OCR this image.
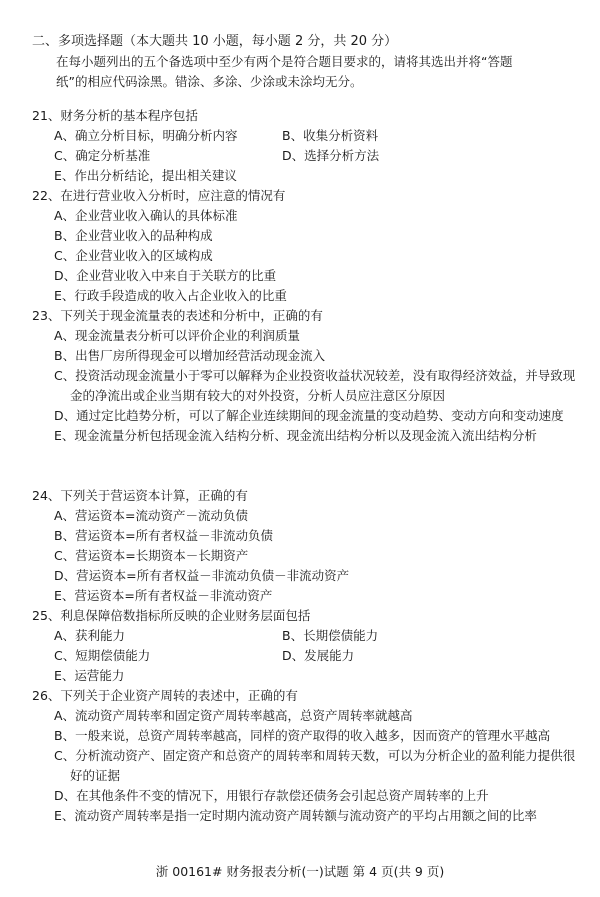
二、多项选择题（本大题共 10 小题，每小题 2 分，共 20 分）
在每小题列出的五个备选项中至少有两个是符合题目要求的，请将其选出并将“答题
纸”的相应代码涂黑。错涂、多涂、少涂或未涂均无分。
21、财务分析的基本程序包括
A、确立分析目标，明确分析内容	B、收集分析资料
C、确定分析基准	D、选择分析方法
E、作出分析结论，提出相关建议
22、在进行营业收入分析时，应注意的情况有
A、企业营业收入确认的具体标准
B、企业营业收入的品种构成
C、企业营业收入的区域构成
D、企业营业收入中来自于关联方的比重
E、行政手段造成的收入占企业收入的比重
23、下列关于现金流量表的表述和分析中，正确的有
A、现金流量表分析可以评价企业的利润质量
B、出售厂房所得现金可以增加经营活动现金流入
C、投资活动现金流量小于零可以解释为企业投资收益状况较差，没有取得经济效益，并导致现金的净流出或企业当期有较大的对外投资，分析人员应注意区分原因
D、通过定比趋势分析，可以了解企业连续期间的现金流量的变动趋势、变动方向和变动速度
E、现金流量分析包括现金流入结构分析、现金流出结构分析以及现金流入流出结构分析
24、下列关于营运资本计算，正确的有
A、营运资本=流动资产－流动负债
B、营运资本=所有者权益－非流动负债
C、营运资本=长期资本－长期资产
D、营运资本=所有者权益－非流动负债－非流动资产
E、营运资本=所有者权益－非流动资产
25、利息保障倍数指标所反映的企业财务层面包括
A、获利能力	B、长期偿债能力
C、短期偿债能力	D、发展能力
E、运营能力
26、下列关于企业资产周转的表述中，正确的有
A、流动资产周转率和固定资产周转率越高，总资产周转率就越高
B、一般来说，总资产周转率越高，同样的资产取得的收入越多，因而资产的管理水平越高
C、分析流动资产、固定资产和总资产的周转率和周转天数，可以为分析企业的盈利能力提供很好的证据
D、在其他条件不变的情况下，用银行存款偿还债务会引起总资产周转率的上升
E、流动资产周转率是指一定时期内流动资产周转额与流动资产的平均占用额之间的比率
浙 00161# 财务报表分析(一)试题 第 4 页(共 9 页)
